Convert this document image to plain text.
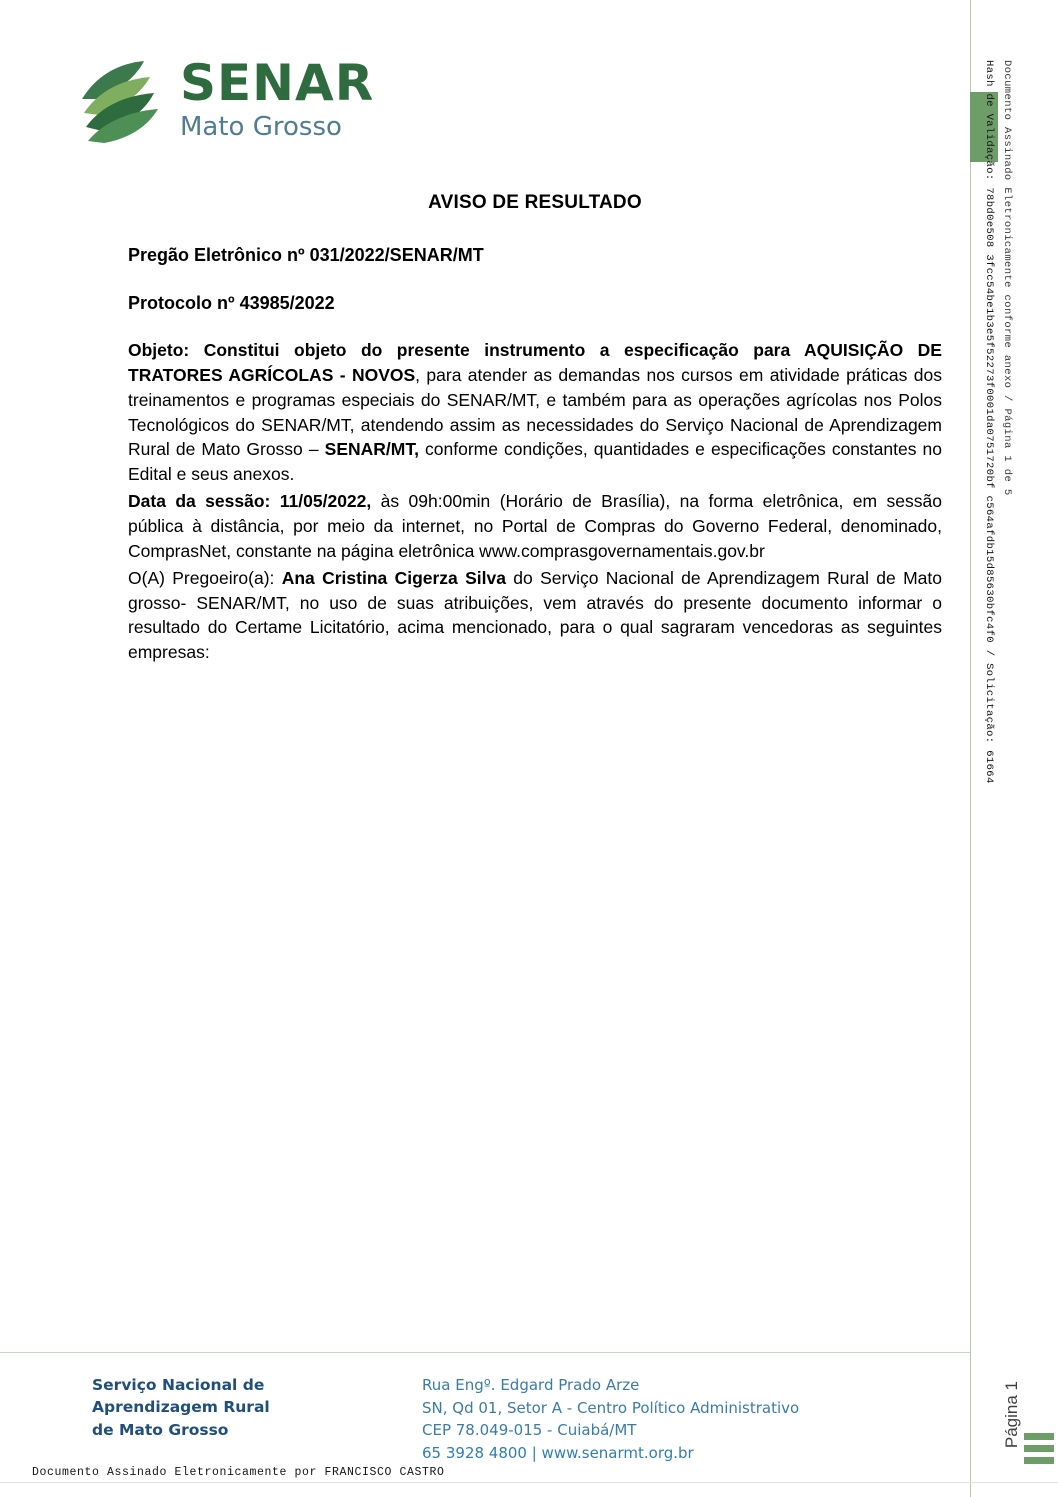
SENAR
Mato Grosso
AVISO DE RESULTADO
Pregão Eletrônico nº 031/2022/SENAR/MT
Protocolo nº 43985/2022

Objeto: Constitui objeto do presente instrumento a especificação para AQUISIÇÃO DE TRATORES AGRÍCOLAS - NOVOS, para atender as demandas nos cursos em atividade práticas dos treinamentos e programas especiais do SENAR/MT, e também para as operações agrícolas nos Polos Tecnológicos do SENAR/MT, atendendo assim as necessidades do Serviço Nacional de Aprendizagem Rural de Mato Grosso – SENAR/MT, conforme condições, quantidades e especificações constantes no Edital e seus anexos.

Data da sessão: 11/05/2022, às 09h:00min (Horário de Brasília), na forma eletrônica, em sessão pública à distância, por meio da internet, no Portal de Compras do Governo Federal, denominado, ComprasNet, constante na página eletrônica www.comprasgovernamentais.gov.br

O(A) Pregoeiro(a): Ana Cristina Cigerza Silva do Serviço Nacional de Aprendizagem Rural de Mato grosso- SENAR/MT, no uso de suas atribuições, vem através do presente documento informar o resultado do Certame Licitatório, acima mencionado, para o qual sagraram vencedoras as seguintes empresas:	Hash de Validação: 78bd0e508 3fcc54be1b3e5f52273f0001da0751720bf c564afdb15d85630bfc4f0 / Solicitação: 61664 Documento Assinado Eletronicamente conforme anexo / Página 1 de 5
Página 1
Serviço Nacional de
Aprendizagem Rural
de Mato Grosso
Rua Engº. Edgard Prado Arze
SN, Qd 01, Setor A - Centro Político Administrativo
CEP 78.049-015 - Cuiabá/MT
65 3928 4800 | www.senarmt.org.br
Documento Assinado Eletronicamente por FRANCISCO CASTRO
